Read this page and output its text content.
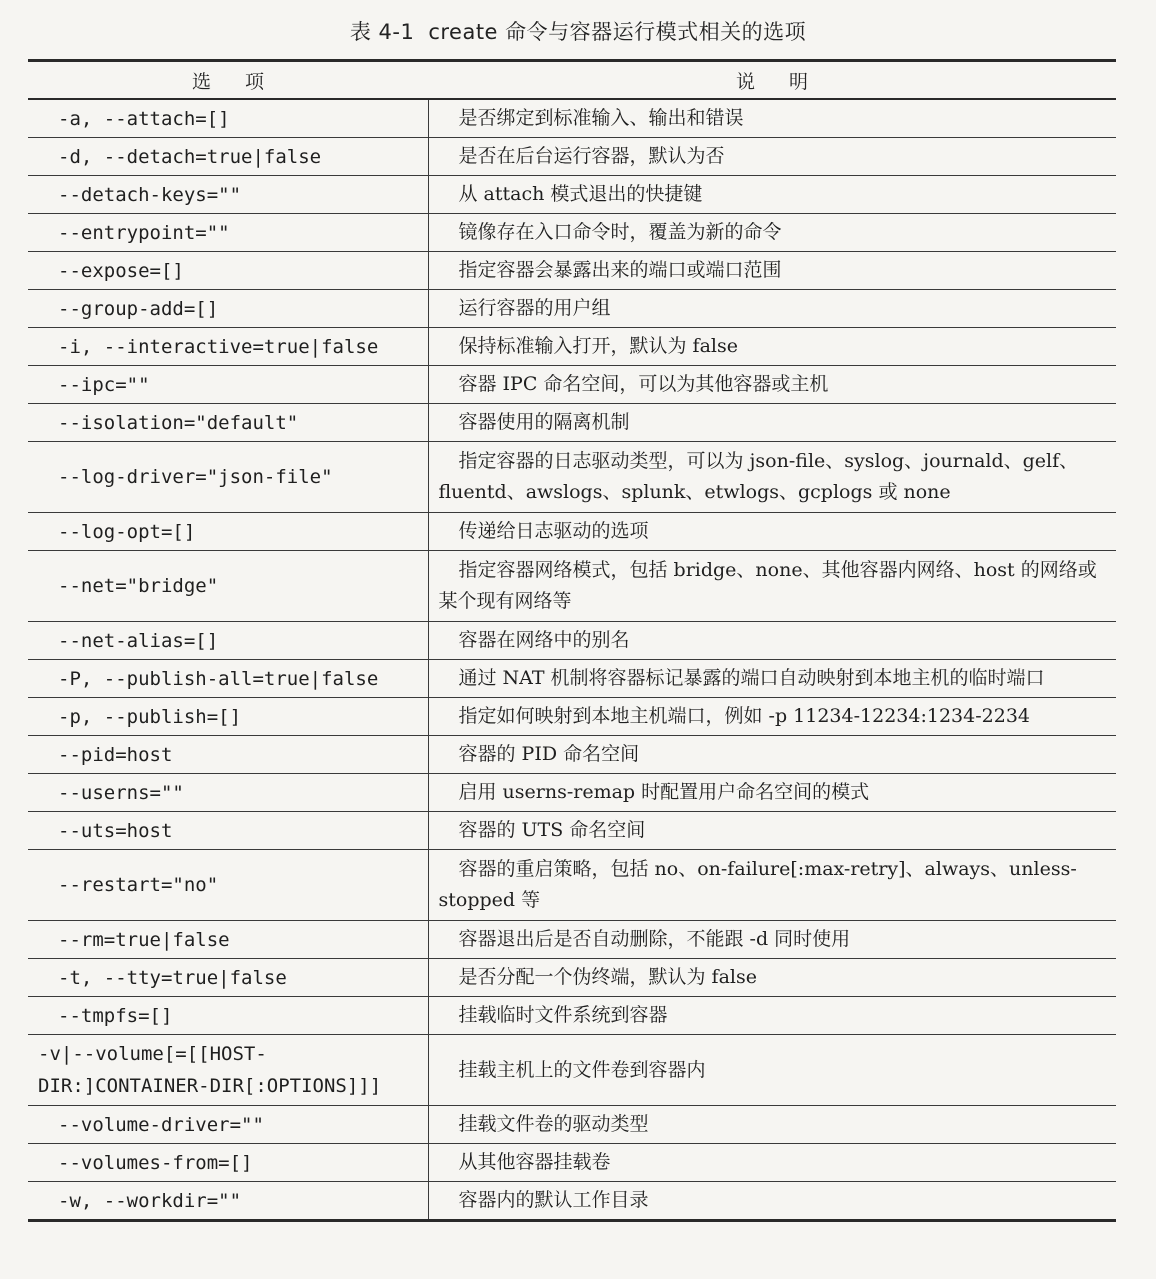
表 4-1 create 命令与容器运行模式相关的选项
选项	说明
-a, --attach=[]	是否绑定到标准输入、输出和错误
-d, --detach=true|false	是否在后台运行容器，默认为否
--detach-keys=""	从 attach 模式退出的快捷键
--entrypoint=""	镜像存在入口命令时，覆盖为新的命令
--expose=[]	指定容器会暴露出来的端口或端口范围
--group-add=[]	运行容器的用户组
-i, --interactive=true|false	保持标准输入打开，默认为 false
--ipc=""	容器 IPC 命名空间，可以为其他容器或主机
--isolation="default"	容器使用的隔离机制
--log-driver="json-file"	指定容器的日志驱动类型，可以为 json-file、syslog、journald、gelf、fluentd、awslogs、splunk、etwlogs、gcplogs 或 none
--log-opt=[]	传递给日志驱动的选项
--net="bridge"	指定容器网络模式，包括 bridge、none、其他容器内网络、host 的网络或某个现有网络等
--net-alias=[]	容器在网络中的别名
-P, --publish-all=true|false	通过 NAT 机制将容器标记暴露的端口自动映射到本地主机的临时端口
-p, --publish=[]	指定如何映射到本地主机端口，例如 -p 11234-12234:1234-2234
--pid=host	容器的 PID 命名空间
--userns=""	启用 userns-remap 时配置用户命名空间的模式
--uts=host	容器的 UTS 命名空间
--restart="no"	容器的重启策略，包括 no、on-failure[:max-retry]、always、unless-stopped 等
--rm=true|false	容器退出后是否自动删除，不能跟 -d 同时使用
-t, --tty=true|false	是否分配一个伪终端，默认为 false
--tmpfs=[]	挂载临时文件系统到容器
-v|--volume[=[[HOST-DIR:]CONTAINER-DIR[:OPTIONS]]]	挂载主机上的文件卷到容器内
--volume-driver=""	挂载文件卷的驱动类型
--volumes-from=[]	从其他容器挂载卷
-w, --workdir=""	容器内的默认工作目录
